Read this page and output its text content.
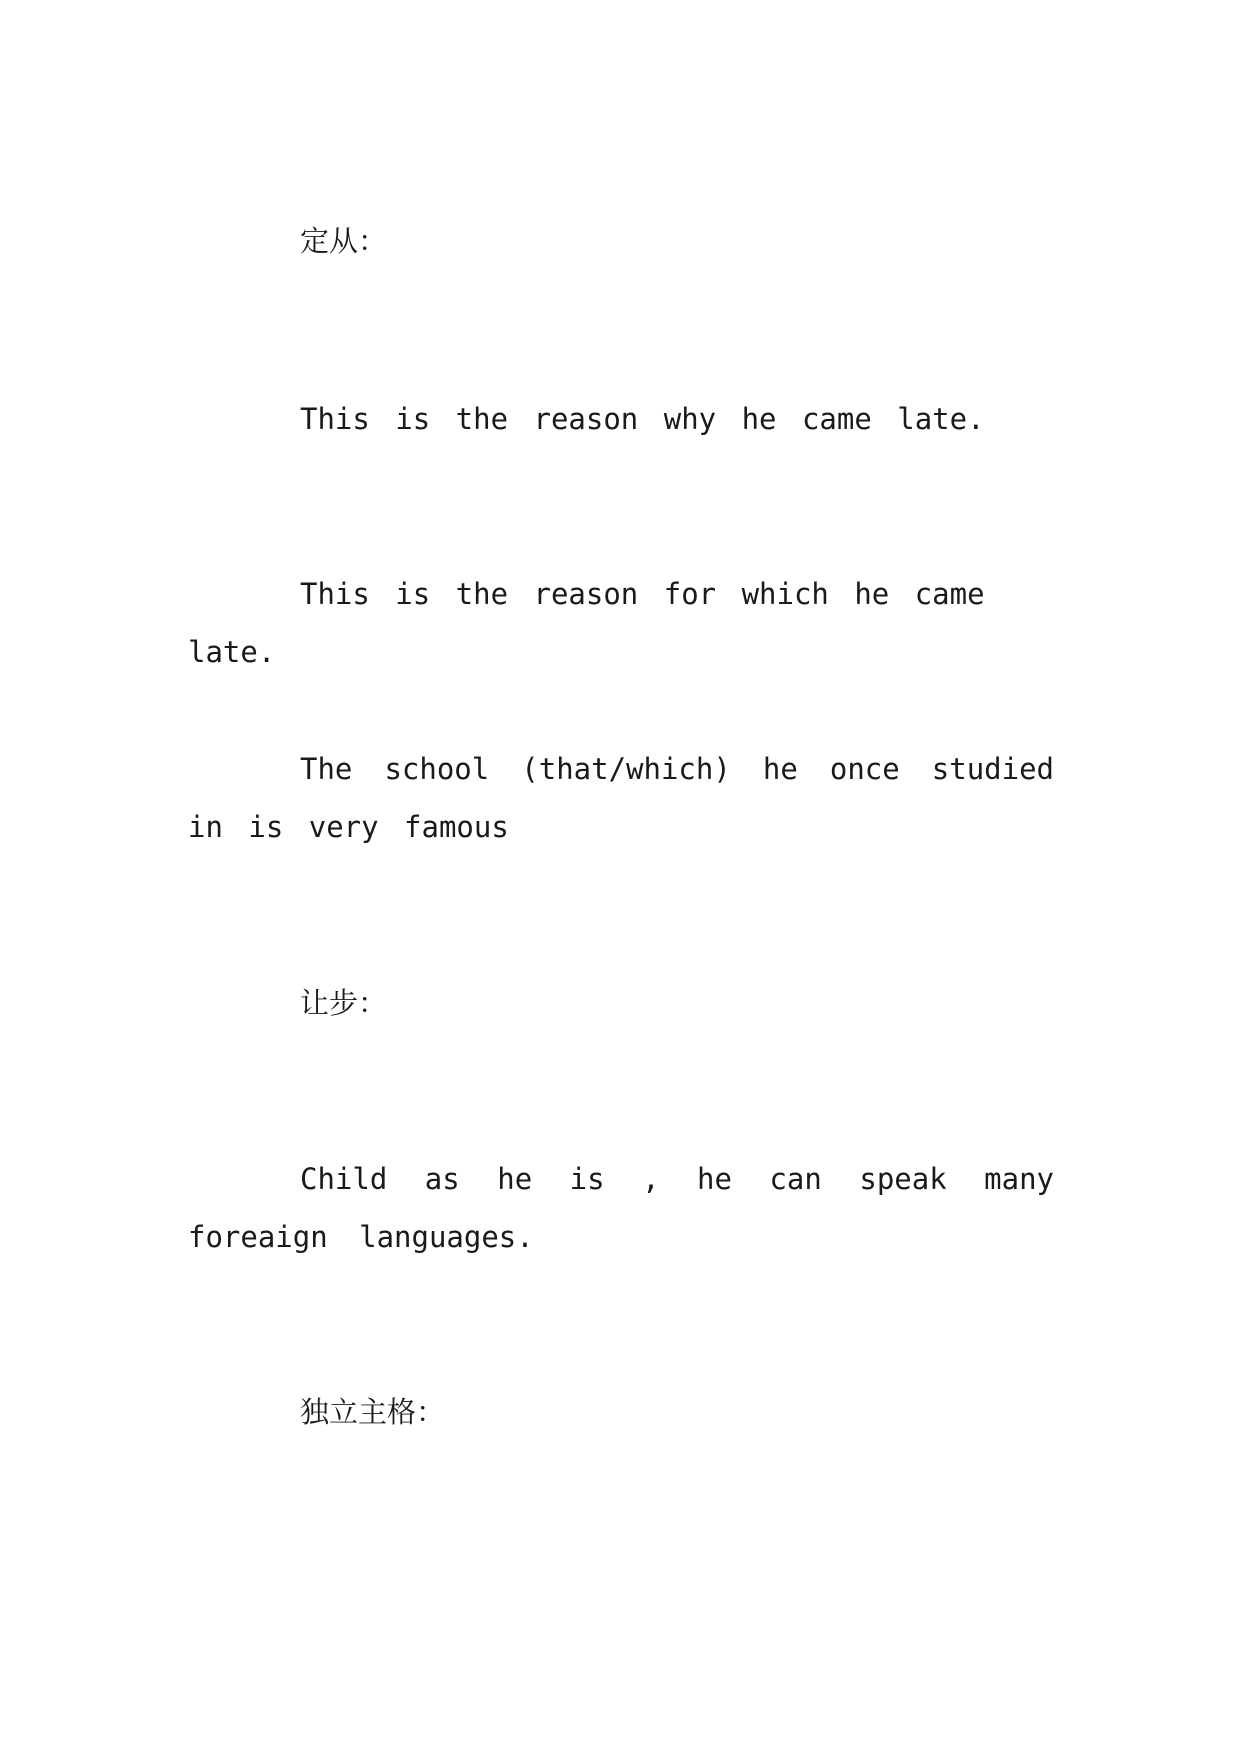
定从：

This is the reason why he came late.

This is the reason for which he came late.

The school (that/which) he once studied in is very famous

让步：

Child as he is , he can speak many foreaign languages.

独立主格：
